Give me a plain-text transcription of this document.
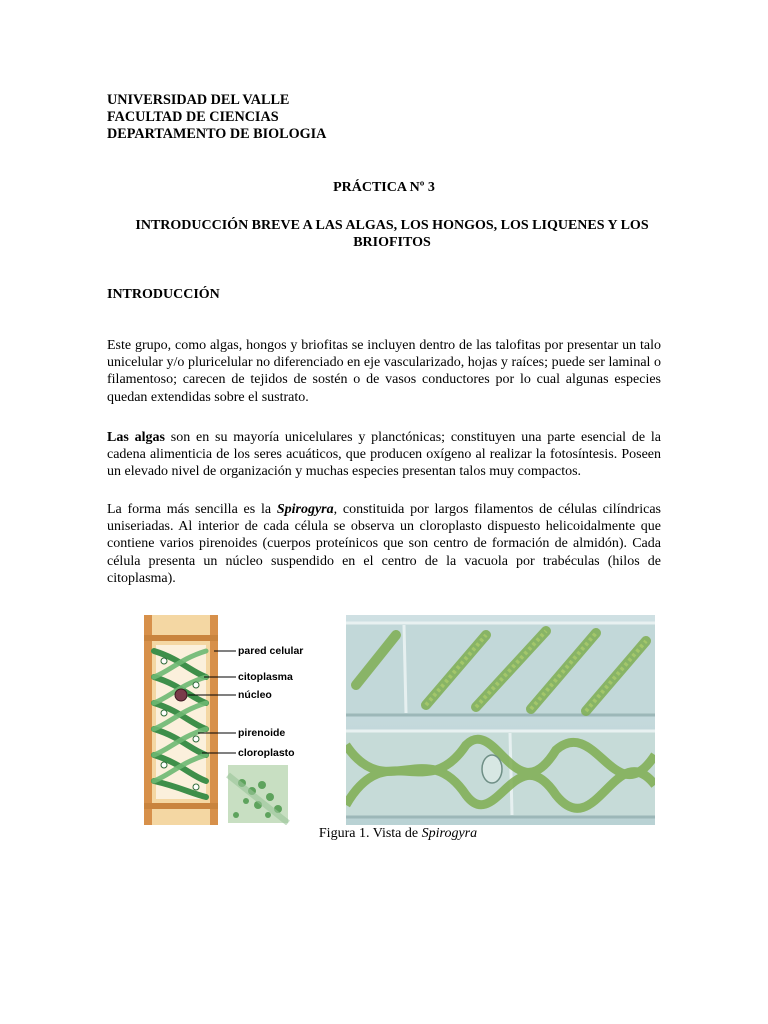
UNIVERSIDAD DEL VALLE
FACULTAD DE CIENCIAS
DEPARTAMENTO DE BIOLOGIA
PRÁCTICA Nº 3
INTRODUCCIÓN BREVE A LAS ALGAS, LOS HONGOS, LOS LIQUENES Y LOS BRIOFITOS
INTRODUCCIÓN
Este grupo, como algas, hongos y briofitas se incluyen dentro de las talofitas por presentar un talo unicelular y/o pluricelular no diferenciado en eje vascularizado, hojas y raíces; puede ser laminal o filamentoso; carecen de tejidos de sostén o de vasos conductores por lo cual algunas especies quedan extendidas sobre el sustrato.
Las algas son en su mayoría unicelulares y planctónicas; constituyen una parte esencial de la cadena alimenticia de los seres acuáticos, que producen oxígeno al realizar la fotosíntesis. Poseen un elevado nivel de organización y muchas especies presentan talos muy compactos.
La forma más sencilla es la Spirogyra, constituida por largos filamentos de células cilíndricas uniseriadas. Al interior de cada célula se observa un cloroplasto dispuesto helicoidalmente que contiene varios pirenoides (cuerpos proteínicos que son centro de formación de almidón). Cada célula presenta un núcleo suspendido en el centro de la vacuola por trabéculas (hilos de citoplasma).
pared celular
citoplasma
núcleo
pirenoide
cloroplasto
Figura 1. Vista de Spirogyra
